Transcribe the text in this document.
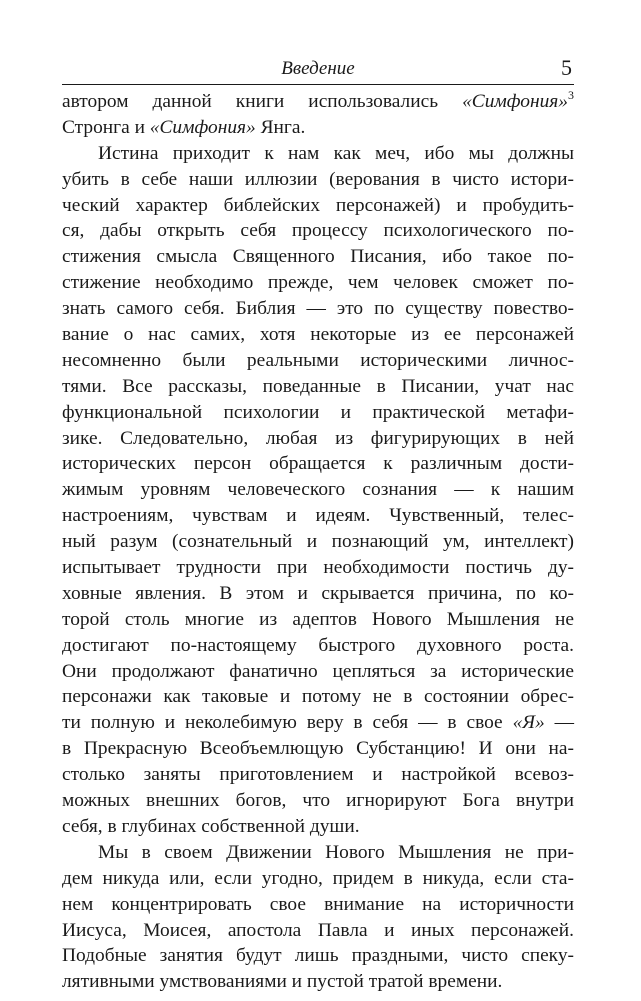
Введение	5
автором данной книги использовались «Симфония»$^3$
Стронга и «Симфония» Янга.
Истина приходит к нам как меч, ибо мы должны
убить в себе наши иллюзии (верования в чисто истори-
ческий характер библейских персонажей) и пробудить-
ся, дабы открыть себя процессу психологического по-
стижения смысла Священного Писания, ибо такое по-
стижение необходимо прежде, чем человек сможет по-
знать самого себя. Библия — это по существу повество-
вание о нас самих, хотя некоторые из ее персонажей
несомненно были реальными историческими личнос-
тями. Все рассказы, поведанные в Писании, учат нас
функциональной психологии и практической метафи-
зике. Следовательно, любая из фигурирующих в ней
исторических персон обращается к различным дости-
жимым уровням человеческого сознания — к нашим
настроениям, чувствам и идеям. Чувственный, телес-
ный разум (сознательный и познающий ум, интеллект)
испытывает трудности при необходимости постичь ду-
ховные явления. В этом и скрывается причина, по ко-
торой столь многие из адептов Нового Мышления не
достигают по-настоящему быстрого духовного роста.
Они продолжают фанатично цепляться за исторические
персонажи как таковые и потому не в состоянии обрес-
ти полную и неколебимую веру в себя — в свое «Я» —
в Прекрасную Всеобъемлющую Субстанцию! И они на-
столько заняты приготовлением и настройкой всевоз-
можных внешних богов, что игнорируют Бога внутри
себя, в глубинах собственной души.
Мы в своем Движении Нового Мышления не при-
дем никуда или, если угодно, придем в никуда, если ста-
нем концентрировать свое внимание на историчности
Иисуса, Моисея, апостола Павла и иных персонажей.
Подобные занятия будут лишь праздными, чисто спеку-
лятивными умствованиями и пустой тратой времени.
